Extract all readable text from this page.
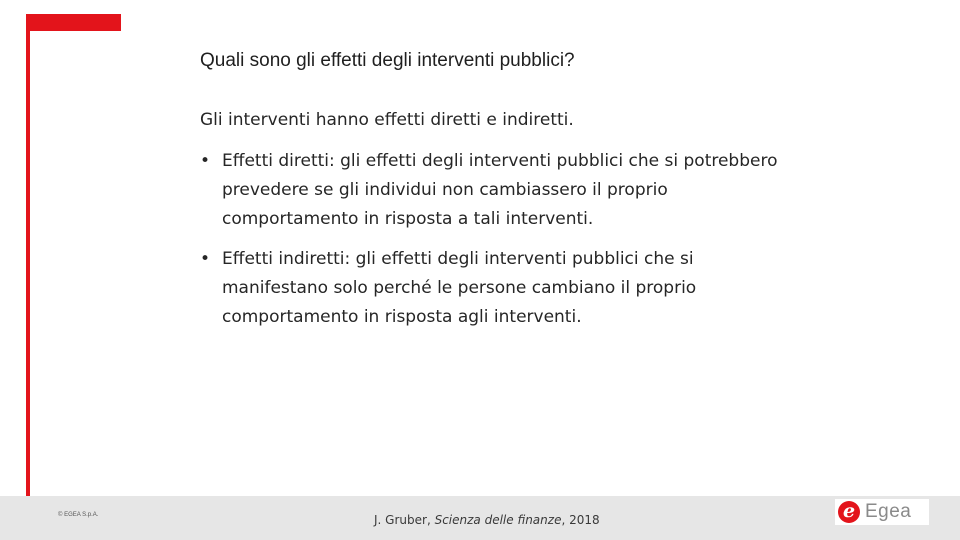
Quali sono gli effetti degli interventi pubblici?
Gli interventi hanno effetti diretti e indiretti.
• Effetti diretti: gli effetti degli interventi pubblici che si potrebbero prevedere se gli individui non cambiassero il proprio comportamento in risposta a tali interventi.
• Effetti indiretti: gli effetti degli interventi pubblici che si manifestano solo perché le persone cambiano il proprio comportamento in risposta agli interventi.
© EGEA S.p.A.	J. Gruber, Scienza delle finanze, 2018	e Egea
